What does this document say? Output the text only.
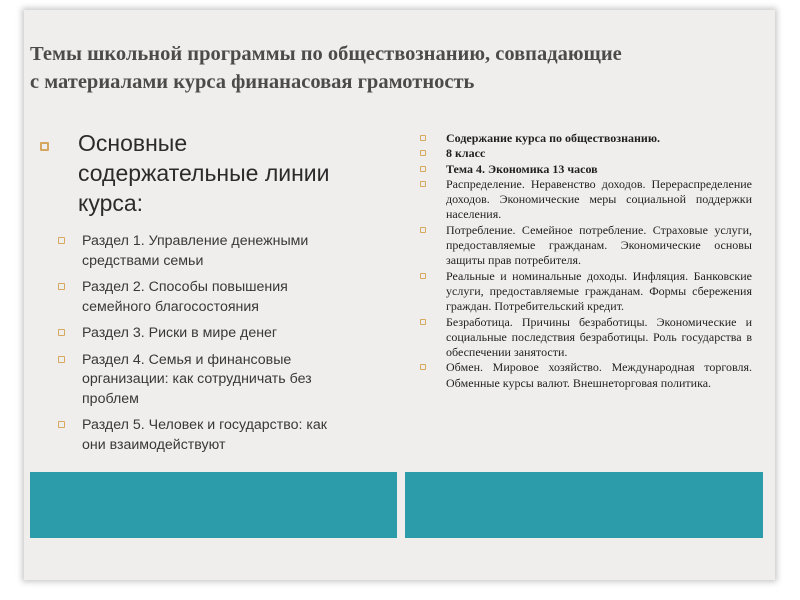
Темы школьной программы по обществознанию, совпадающие
с материалами курса финанасовая грамотность
Основные содержательные линии курса:
Раздел 1. Управление денежными средствами семьи
Раздел 2. Способы повышения семейного благосостояния
Раздел 3. Риски в мире денег
Раздел 4. Семья и финансовые организации: как сотрудничать без проблем
Раздел 5. Человек и государство: как они взаимодействуют
Содержание курса по обществознанию.
8 класс
Тема 4. Экономика 13 часов
Распределение. Неравенство доходов. Перераспределение доходов. Экономические меры социальной поддержки населения.
Потребление. Семейное потребление. Страховые услуги, предоставляемые гражданам. Экономические основы защиты прав потребителя.
Реальные и номинальные доходы. Инфляция. Банковские услуги, предоставляемые гражданам. Формы сбережения граждан. Потребительский кредит.
Безработица. Причины безработицы. Экономические и социальные последствия безработицы. Роль государства в обеспечении занятости.
Обмен. Мировое хозяйство. Международная торговля. Обменные курсы валют. Внешнеторговая политика.
